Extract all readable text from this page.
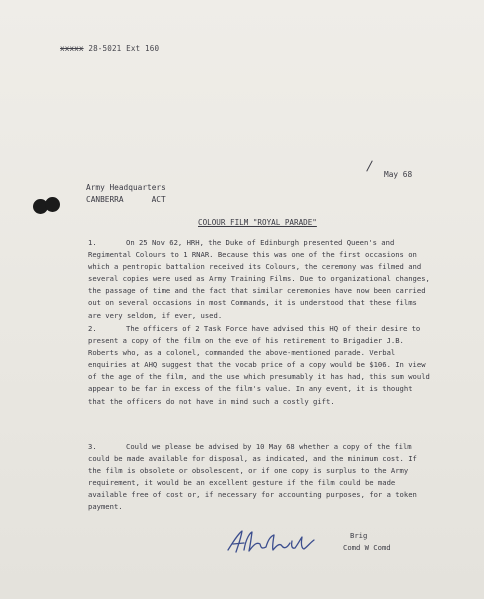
xxxxx 28-5021 Ext 160
May 68
Army Headquarters
CANBERRA	ACT
COLOUR FILM "ROYAL PARADE"
1.	On 25 Nov 62, HRH, the Duke of Edinburgh presented Queen's and Regimental Colours to 1 RNAR. Because this was one of the first occasions on which a pentropic battalion received its Colours, the ceremony was filmed and several copies were used as Army Training Films. Due to organizational changes, the passage of time and the fact that similar ceremonies have now been carried out on several occasions in most Commands, it is understood that these films are very seldom, if ever, used.
2.	The officers of 2 Task Force have advised this HQ of their desire to present a copy of the film on the eve of his retirement to Brigadier J.B. Roberts who, as a colonel, commanded the above-mentioned parade. Verbal enquiries at AHQ suggest that the vocab price of a copy would be $106. In view of the age of the film, and the use which presumably it has had, this sum would appear to be far in excess of the film's value. In any event, it is thought that the officers do not have in mind such a costly gift.
3.	Could we please be advised by 10 May 68 whether a copy of the film could be made available for disposal, as indicated, and the minimum cost. If the film is obsolete or obsolescent, or if one copy is surplus to the Army requirement, it would be an excellent gesture if the film could be made available free of cost or, if necessary for accounting purposes, for a token payment.
Brig
Comd W Comd
